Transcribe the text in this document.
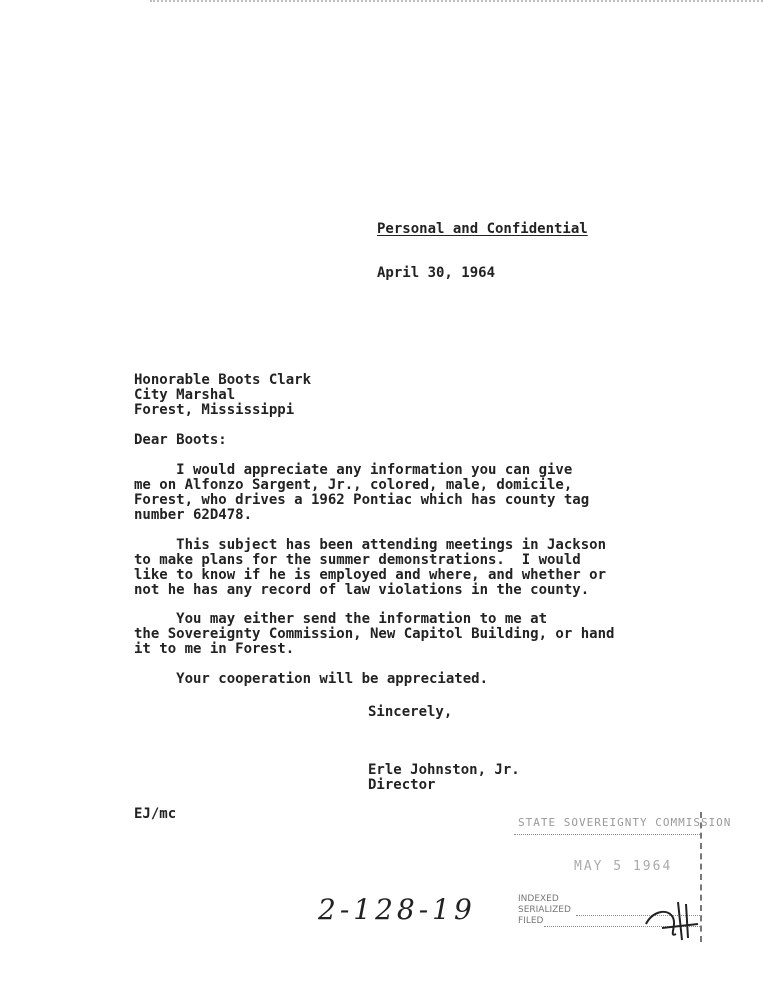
Personal and Confidential
April 30, 1964
Honorable Boots Clark
City Marshal
Forest, Mississippi
Dear Boots:
I would appreciate any information you can give
me on Alfonzo Sargent, Jr., colored, male, domicile,
Forest, who drives a 1962 Pontiac which has county tag
number 62D478.
This subject has been attending meetings in Jackson
to make plans for the summer demonstrations.  I would
like to know if he is employed and where, and whether or
not he has any record of law violations in the county.
You may either send the information to me at
the Sovereignty Commission, New Capitol Building, or hand
it to me in Forest.
Your cooperation will be appreciated.
Sincerely,
Erle Johnston, Jr.
Director
EJ/mc
2-128-19
STATE SOVEREIGNTY COMMISSION
MAY 5 1964
INDEXED
SERIALIZED
FILED
